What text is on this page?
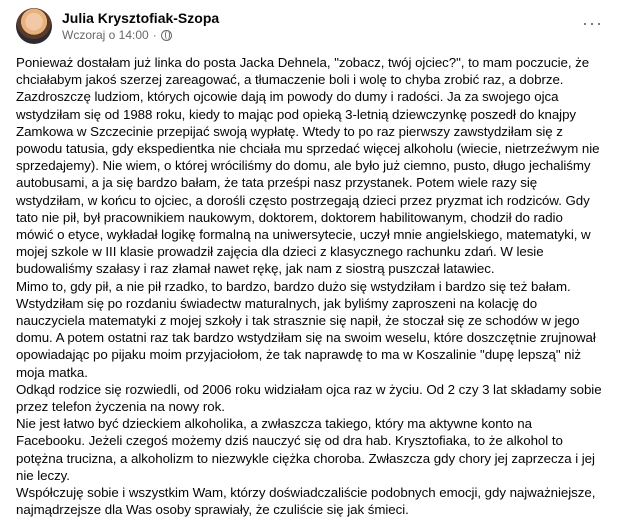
Julia Krysztofiak-Szopa
Wczoraj o 14:00 ·
···

Ponieważ dostałam już linka do posta Jacka Dehnela, "zobacz, twój ojciec?", to mam poczucie, że chciałabym jakoś szerzej zareagować, a tłumaczenie boli i wolę to chyba zrobić raz, a dobrze.

Zazdroszczę ludziom, których ojcowie dają im powody do dumy i radości. Ja za swojego ojca wstydziłam się od 1988 roku, kiedy to mając pod opieką 3-letnią dziewczynkę poszedł do knajpy Zamkowa w Szczecinie przepijać swoją wypłatę. Wtedy to po raz pierwszy zawstydziłam się z powodu tatusia, gdy ekspedientka nie chciała mu sprzedać więcej alkoholu (wiecie, nietrzeźwym nie sprzedajemy). Nie wiem, o której wróciliśmy do domu, ale było już ciemno, pusto, długo jechaliśmy autobusami, a ja się bardzo bałam, że tata prześpi nasz przystanek. Potem wiele razy się wstydziłam, w końcu to ojciec, a dorośli często postrzegają dzieci przez pryzmat ich rodziców. Gdy tato nie pił, był pracownikiem naukowym, doktorem, doktorem habilitowanym, chodził do radio mówić o etyce, wykładał logikę formalną na uniwersytecie, uczył mnie angielskiego, matematyki, w mojej szkole w III klasie prowadził zajęcia dla dzieci z klasycznego rachunku zdań. W lesie budowaliśmy szałasy i raz złamał nawet rękę, jak nam z siostrą puszczał latawiec.

Mimo to, gdy pił, a nie pił rzadko, to bardzo, bardzo dużo się wstydziłam i bardzo się też bałam. Wstydziłam się po rozdaniu świadectw maturalnych, jak byliśmy zaproszeni na kolację do nauczyciela matematyki z mojej szkoły i tak strasznie się napił, że stoczał się ze schodów w jego domu. A potem ostatni raz tak bardzo wstydziłam się na swoim weselu, które doszczętnie zrujnował opowiadając po pijaku moim przyjaciołom, że tak naprawdę to ma w Koszalinie "dupę lepszą" niż moja matka.

Odkąd rodzice się rozwiedli, od 2006 roku widziałam ojca raz w życiu. Od 2 czy 3 lat składamy sobie przez telefon życzenia na nowy rok.

Nie jest łatwo być dzieckiem alkoholika, a zwłaszcza takiego, który ma aktywne konto na Facebooku. Jeżeli czegoś możemy dziś nauczyć się od dra hab. Krysztofiaka, to że alkohol to potężna trucizna, a alkoholizm to niezwykle ciężka choroba. Zwłaszcza gdy chory jej zaprzecza i jej nie leczy.

Współczuję sobie i wszystkim Wam, którzy doświadczaliście podobnych emocji, gdy najważniejsze, najmądrzejsze dla Was osoby sprawiały, że czuliście się jak śmieci.
